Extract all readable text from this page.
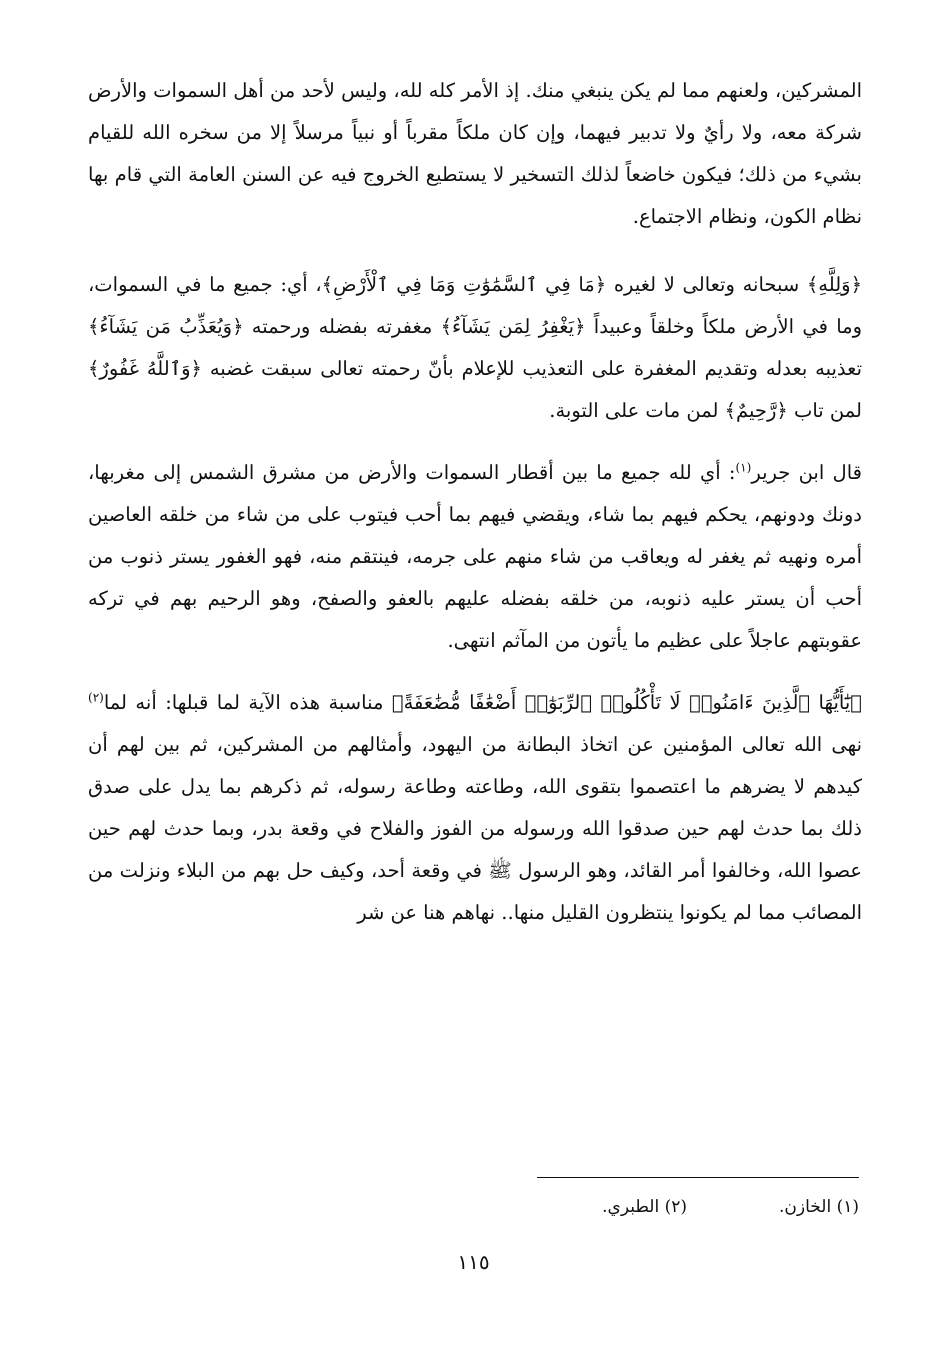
المشركين، ولعنهم مما لم يكن ينبغي منك. إذ الأمر كله لله، وليس لأحد من أهل السموات والأرض شركة معه، ولا رأيٌ ولا تدبير فيهما، وإن كان ملكاً مقرباً أو نبياً مرسلاً إلا من سخره الله للقيام بشيء من ذلك؛ فيكون خاضعاً لذلك التسخير لا يستطيع الخروج فيه عن السنن العامة التي قام بها نظام الكون، ونظام الاجتماع.

﴿وَلِلَّهِ﴾ سبحانه وتعالى لا لغيره ﴿مَا فِي ٱلسَّمَٰوَٰتِ وَمَا فِي ٱلْأَرْضِ﴾، أي: جميع ما في السموات، وما في الأرض ملكاً وخلقاً وعبيداً ﴿يَغْفِرُ لِمَن يَشَآءُ﴾ مغفرته بفضله ورحمته ﴿وَيُعَذِّبُ مَن يَشَآءُ﴾ تعذيبه بعدله وتقديم المغفرة على التعذيب للإعلام بأنّ رحمته تعالى سبقت غضبه ﴿وَٱللَّهُ غَفُورٌ﴾ لمن تاب ﴿رَّحِيمٌ﴾ لمن مات على التوبة.

قال ابن جرير$^{(١)}$: أي لله جميع ما بين أقطار السموات والأرض من مشرق الشمس إلى مغربها، دونك ودونهم، يحكم فيهم بما شاء، ويقضي فيهم بما أحب فيتوب على من شاء من خلقه العاصين أمره ونهيه ثم يغفر له ويعاقب من شاء منهم على جرمه، فينتقم منه، فهو الغفور يستر ذنوب من أحب أن يستر عليه ذنوبه، من خلقه بفضله عليهم بالعفو والصفح، وهو الرحيم بهم في تركه عقوبتهم عاجلاً على عظيم ما يأتون من المآثم انتهى.

﴿يَٰٓأَيُّهَا ٱلَّذِينَ ءَامَنُوا۟ لَا تَأْكُلُوا۟ ٱلرِّبَوٰٓا۟ أَضْعَٰفًا مُّضَٰعَفَةً﴾ مناسبة هذه الآية لما قبلها: أنه لما$^{(٢)}$ نهى الله تعالى المؤمنين عن اتخاذ البطانة من اليهود، وأمثالهم من المشركين، ثم بين لهم أن كيدهم لا يضرهم ما اعتصموا بتقوى الله، وطاعته وطاعة رسوله، ثم ذكرهم بما يدل على صدق ذلك بما حدث لهم حين صدقوا الله ورسوله من الفوز والفلاح في وقعة بدر، وبما حدث لهم حين عصوا الله، وخالفوا أمر القائد، وهو الرسول ﷺ في وقعة أحد، وكيف حل بهم من البلاء ونزلت من المصائب مما لم يكونوا ينتظرون القليل منها.. نهاهم هنا عن شر

(١) الخازن.
(٢) الطبري.
١١٥
